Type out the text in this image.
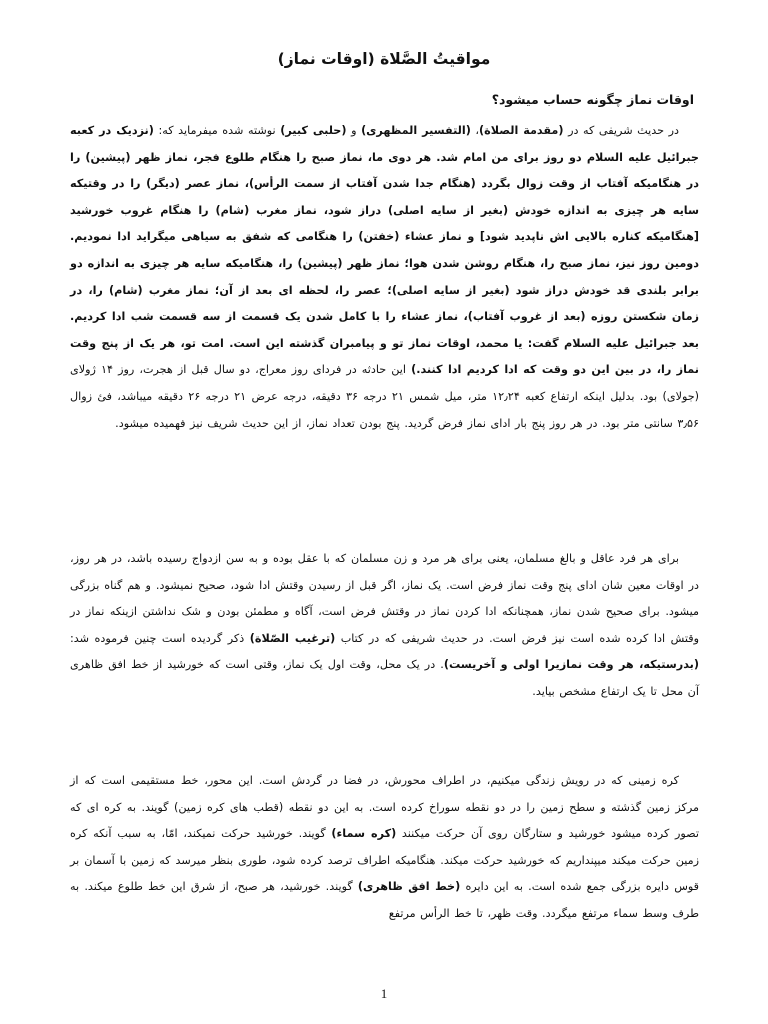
مواقیتُ الصَّلاة (اوقات نماز)
اوقات نماز چگونه حساب میشود؟
در حدیث شریفی که در (مقدمة الصلاة)، (التفسیر المظهری) و (حلبی کبیر) نوشته شده میفرماید که: (نزدیک در کعبه جبرائیل علیه السلام دو روز برای من امام شد. هر دوی ما، نماز صبح را هنگام طلوع فجر، نماز ظهر (پیشین) را در هنگامیکه آفتاب از وقت زوال بگردد (هنگام جدا شدن آفتاب از سمت الرأس)، نماز عصر (دیگر) را در وقتیکه سایه هر چیزی به اندازه خودش (بغیر از سایه اصلی) دراز شود، نماز مغرب (شام) را هنگام غروب خورشید [هنگامیکه کناره بالایی اش ناپدید شود] و نماز عشاء (خفتن) را هنگامی که شفق به سیاهی میگراید ادا نمودیم. دومین روز نیز، نماز صبح را، هنگام روشن شدن هوا؛ نماز ظهر (پیشین) را، هنگامیکه سایه هر چیزی به اندازه دو برابر بلندی قد خودش دراز شود (بغیر از سایه اصلی)؛ عصر را، لحظه ای بعد از آن؛ نماز مغرب (شام) را، در زمان شکستن روزه (بعد از غروب آفتاب)، نماز عشاء را با کامل شدن یک قسمت از سه قسمت شب ادا کردیم. بعد جبرائیل علیه السلام گفت: یا محمد، اوقات نماز تو و پیامبران گذشته این است. امت تو، هر یک از پنج وقت نماز را، در بین این دو وقت که ادا کردیم ادا کنند.) این حادثه در فردای روز معراج، دو سال قبل از هجرت، روز ۱۴ ژولای (جولای) بود. بدلیل اینکه ارتفاع کعبه ۱۲٫۲۴ متر، میل شمس ۲۱ درجه ۳۶ دقیقه، درجه عرض ۲۱ درجه ۲۶ دقیقه میباشد، فیٔ زوال ۳٫۵۶ سانتی متر بود. در هر روز پنج بار ادای نماز فرض گردید. پنج بودن تعداد نماز، از این حدیث شریف نیز فهمیده میشود.
برای هر فرد عاقل و بالغ مسلمان، یعنی برای هر مرد و زن مسلمان که با عقل بوده و به سن ازدواج رسیده باشد، در هر روز، در اوقات معین شان ادای پنج وقت نماز فرض است. یک نماز، اگر قبل از رسیدن وقتش ادا شود، صحیح نمیشود. و هم گناه بزرگی میشود. برای صحیح شدن نماز، همچنانکه ادا کردن نماز در وقتش فرض است، آگاه و مطمئن بودن و شک نداشتن ازینکه نماز در وقتش ادا کرده شده است نیز فرض است. در حدیث شریفی که در کتاب (ترغیب الصّلاة) ذکر گردیده است چنین فرموده شد: (بدرستیکه، هر وقت نمازیرا اولی و آخریست). در یک محل، وقت اول یک نماز، وقتی است که خورشید از خط افق ظاهری آن محل تا یک ارتفاع مشخص بیاید.
کره زمینی که در رویش زندگی میکنیم، در اطراف محورش، در فضا در گردش است. این محور، خط مستقیمی است که از مرکز زمین گذشته و سطح زمین را در دو نقطه سوراخ کرده است. به این دو نقطه (قطب های کره زمین) گویند. به کره ای که تصور کرده میشود خورشید و ستارگان روی آن حرکت میکنند (کره سماء) گویند. خورشید حرکت نمیکند، امّا، به سبب آنکه کره زمین حرکت میکند میپنداریم که خورشید حرکت میکند. هنگامیکه اطراف ترصد کرده شود، طوری بنظر میرسد که زمین با آسمان بر قوس دایره بزرگی جمع شده است. به این دایره (خط افق ظاهری) گویند. خورشید، هر صبح، از شرق این خط طلوع میکند. به طرف وسط سماء مرتفع میگردد. وقت ظهر، تا خط الرأس مرتفع
1
